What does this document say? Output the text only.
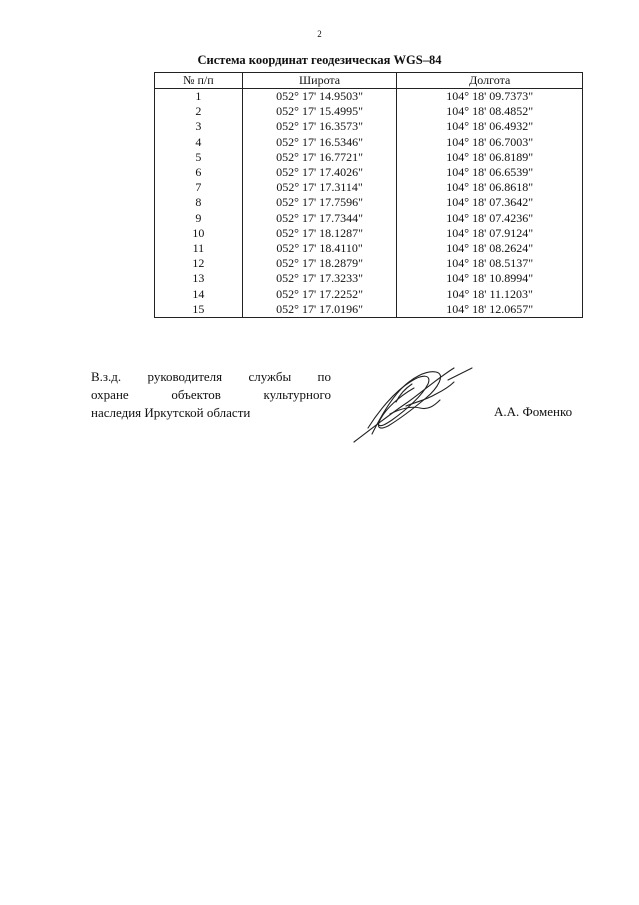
2
Система координат геодезическая WGS–84
№ п/п	Широта	Долгота
1	052° 17' 14.9503"	104° 18' 09.7373"
2	052° 17' 15.4995"	104° 18' 08.4852"
3	052° 17' 16.3573"	104° 18' 06.4932"
4	052° 17' 16.5346"	104° 18' 06.7003"
5	052° 17' 16.7721"	104° 18' 06.8189"
6	052° 17' 17.4026"	104° 18' 06.6539"
7	052° 17' 17.3114"	104° 18' 06.8618"
8	052° 17' 17.7596"	104° 18' 07.3642"
9	052° 17' 17.7344"	104° 18' 07.4236"
10	052° 17' 18.1287"	104° 18' 07.9124"
11	052° 17' 18.4110"	104° 18' 08.2624"
12	052° 17' 18.2879"	104° 18' 08.5137"
13	052° 17' 17.3233"	104° 18' 10.8994"
14	052° 17' 17.2252"	104° 18' 11.1203"
15	052° 17' 17.0196"	104° 18' 12.0657"
В.з.д. руководителя службы по
охране	объектов	культурного
наследия Иркутской области	А.А. Фоменко
